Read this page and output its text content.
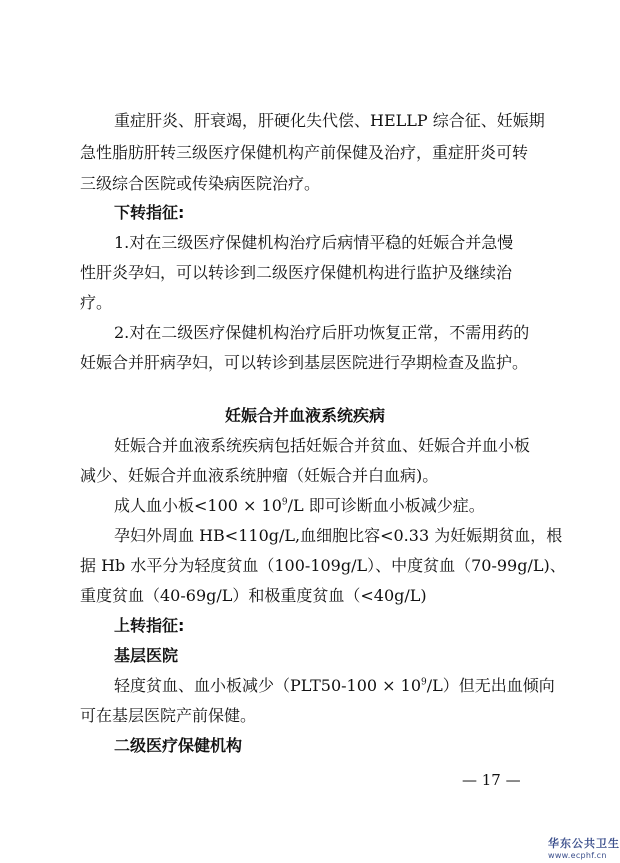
重症肝炎、肝衰竭，肝硬化失代偿、HELLP 综合征、妊娠期
急性脂肪肝转三级医疗保健机构产前保健及治疗，重症肝炎可转
三级综合医院或传染病医院治疗。
下转指征:
1.对在三级医疗保健机构治疗后病情平稳的妊娠合并急慢
性肝炎孕妇，可以转诊到二级医疗保健机构进行监护及继续治
疗。
2.对在二级医疗保健机构治疗后肝功恢复正常，不需用药的
妊娠合并肝病孕妇，可以转诊到基层医院进行孕期检查及监护。
妊娠合并血液系统疾病
妊娠合并血液系统疾病包括妊娠合并贫血、妊娠合并血小板
减少、妊娠合并血液系统肿瘤（妊娠合并白血病)。
成人血小板$<100 \times 10^9/L$ 即可诊断血小板减少症。
孕妇外周血 HB<110g/L,血细胞比容<0.33 为妊娠期贫血，根
据 Hb 水平分为轻度贫血（100-109g/L）、中度贫血（70-99g/L)、
重度贫血（40-69g/L）和极重度贫血（<40g/L)
上转指征:
基层医院
轻度贫血、血小板减少$(PLT50-100 \times 10^9/L)$但无出血倾向
可在基层医院产前保健。
二级医疗保健机构
— 17 —
华东公共卫生
www.ecphf.cn
